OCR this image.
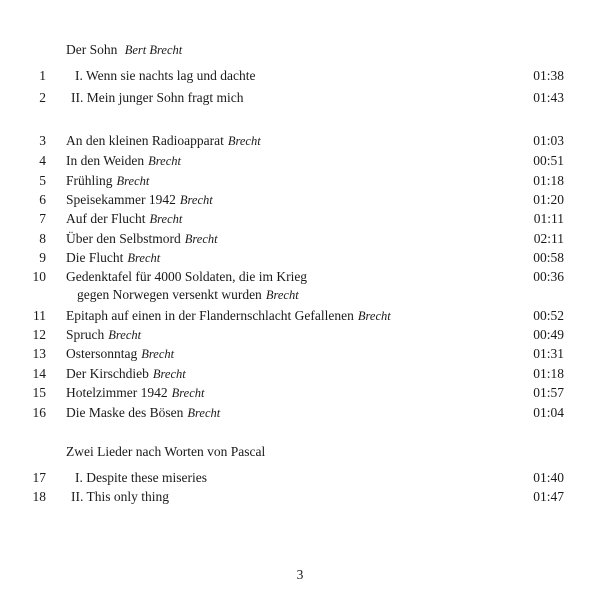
Der Sohn Bert Brecht
1 I. Wenn sie nachts lag und dachte	01:38
2 II. Mein junger Sohn fragt mich	01:43
3 An den kleinen Radioapparat Brecht	01:03
4 In den Weiden Brecht	00:51
5 Frühling Brecht	01:18
6 Speisekammer 1942 Brecht	01:20
7 Auf der Flucht Brecht	01:11
8 Über den Selbstmord Brecht	02:11
9 Die Flucht Brecht	00:58
10 Gedenktafel für 4000 Soldaten, die im Krieg	00:36
gegen Norwegen versenkt wurden Brecht
11 Epitaph auf einen in der Flandernschlacht Gefallenen Brecht	00:52
12 Spruch Brecht	00:49
13 Ostersonntag Brecht	01:31
14 Der Kirschdieb Brecht	01:18
15 Hotelzimmer 1942 Brecht	01:57
16 Die Maske des Bösen Brecht	01:04
Zwei Lieder nach Worten von Pascal
17 I. Despite these miseries	01:40
18 II. This only thing	01:47
3
